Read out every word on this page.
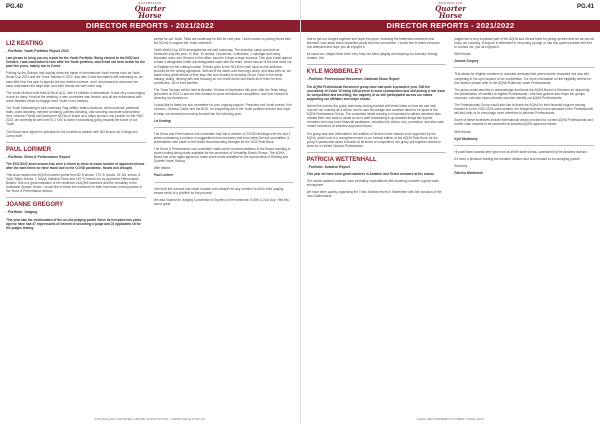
PG.40
AUSTRALIAN
Quarter Horse
DIRECTOR REPORTS - 2021/2022
LIZ KEATING
- Portfolio: Youth Portfolio Report 2022

I am please to bring you my report for the Youth Portfolio. Being elected to the BOD last October, I was nominated to look after the Youth portfolio, which had not been active for the past few years, mainly due to Covid.

Picking up the Division and looking down the barrel of International Youth events such as Youth World Cup 2023 and the Trans Tasman in 2022, also with Covid boundaries still restricting us, we have little time this year to appoint the two events however, and I am pleased to announce we have undertaken the large task, and both events are well under way.

The Youth Division held their AGM at QLD, with 19 children in attendance. It was very encouraging to see so many Youth at the meeting, a new committee was formed, and all are enthusiastic with some fantastic ideas to engage more Youth in our industry.

Our Youth fundraising is well underway. Rug raffles, stallion auctions, silent auctions, yearbook trails, clubs donating, member donating, parents donating, and securing corporate sponsorship from Johnson Feeds and having the NCHA on board as a major sponsor and partner for the YWC 2023, we currently sit well over $ 17,000 to date in fundraising going towards the future of our Youth.

The Board have agreed in principle for the portfolio to partner with NCHA and run Cutting and Camp draft

PAUL LORIMER
- Portfolio: Show & Performance Report

The 2021/2022 show season has seen a return to close to usual number of approved shows after the hard times we have faced due to the COVID pandemic, floods and drought.

This show season the AQHA recorded points from 82 B shows, 170 'A' shows, 29 'AA' shows, 8 'AAA' Stake Shows, 1 'AAAA' National Show and 143 'X' events run by Approved Performance Bodies. This is a great indication of the resilience of AQHA members and the versatility of the Australian Quarter Horse. I would like to thank the members for their hard work running shows in the Show & Performance section.

JOANNE GREGORY
- Portfolio: Judging

This year saw the continuation of the on-line judging portal. Since its inception two years ago we have had 47 expressions of interest in becoming a judge and 22 applicants sit for the judges testing.

camps for our Youth. Talks are underway for this for next year. I look forward to joining forces with the NCHA to support the Youth members.

Youth World Cup 2023 arrangements are well underway. The selection camp was held at Tamworth July this year. 11 kids, 15 horses, 15 parents, 3 clinicians, 1 manager and many important roles, and Geneva in the office, saw the 5 days a huge success. This year it was agreed to take a designated cutter and designated roper with the team, which saw all of the kids head out to Pagillian for the cutting module. Thanks goes to the NCHA for their input on the selection process for the cutting applicants. With all of the same cold mornings nicely, and talks with us, we made many great efforts of their stay. We look forward to showing off our Youth to the world, making, skiing, herding with and focusing on our Youth future and thank all of them for their contribution. All of their families.

The Trans Tasman will be held at Benalla, Victoria in September this year, with the Team being presented at 2022 in and we look forward to some tremendous competition, and look forward to cheering our Aussies on.

I would like to thank my sub committee for your ongoing support. President and Youth events, Kim Johnson, Geneva Clarke and the BOD, for supporting me in the Youth portfolio director and hope to keep our momentum moving forward into the following year.

Liz Keating

The Show and Performance sub committee has had a number of ZOOM Meetings over the last 2 years considering a number of suggestions from members and from within the sub-committee. A presentation was made to the Board recommending changes for the 2022 Rule Book.

The Show & Performance sub-committee made some recommendations to the Board resulting in some funding being made available for the promotion of Versatility Ranch Shows. The AQHA Board has once again agreed to make some funds available for the sponsorship of Reining and Quarter Horse Racing.

With thanks

Paul Lorimer

I feel that the concept has made it easier and cheaper for any member to sit for their judging exams which is a positive for the process.

We also hosted the Judging Convention in Sydney on the weekend of 20th & 21st July. I felt this was a great

AUSTRALIAN QUARTER HORSE ASSOCIATION • WWW.AQHA.COM.AU
PG.41
AUSTRALIAN
Quarter Horse
DIRECTOR REPORTS - 2021/2022

time to get our Judges together and hope everyone, including the interested members who attended, took away some important points from the convention. I would like to thank everyone who attended and hope you all enjoyed it.

As usual our Judges have been very busy out there judging and keeping our industry moving forward. Our

KYLE MOBBERLEY
- Portfolio: Professional Horsemen, National Show Report

The AQHA Professional Horsemen group have had quite a proactive year. Still the uncertainty of Covid 19 being still present in most communities and still posing a real issue for competition and travelling, the majority of us still participated across our states supporting our affiliates and major shows.

Behind the scenes the group was busy moving forward with fresh ideas on how we can help improve our industry as a whole, and to also encourage and continue talent to be apart of the AQHA Professional Group. The committee whilst working on incentives to attract members also created their own tools to assist so as to start fundraising to go towards things like injured members who may need financial assistance, education (ie clinics, etc), promotion, and also cash reward incentives at selected approved shows.

The group was also influential in the addition of Novice horse classes to be approved by the AQHA, which now is a recognised event in our newest edition of the AQHA Rule Book. As the group is passionate about inclusion at all levels of competition, the group put together criteria to allow for a Limited Division Professional.

PATRICIA WETTENHALL
- Portfolio: Amateur Report

This year we have seen great numbers in Amateur and Select numbers at the shows.

The novice amateur classes have incredibly expectations with amazing numbers a great class atmosphere.

We have been quietly organising the Trans Tasman event in September with the inclusion of the New Caledonians.

judges are a very important part of the AQHA and I thank them for giving up their time so we can all enjoy our showing. If anyone is interested in becoming a judge or has any queries please feel free to contact me, you all enjoyed it.

With thanks

Joanne Gregory

This allows for eligible members to compete amongst their peers and be rewarded, but also still competing in the open aspect of the competition. For more information on the eligibility criteria for this division please refer to the AQHA Rulebook under Professionals.

The group would also like to acknowledge and thank the AQHA Board of Directors for approving the presentation of rosettes to eligible Professionals - that kind gesture also helps the groups exposure, and also helps promote and also identify our AQHA Professionals.

The Professionals Group would also like to thank the AQHA for their financial support moving forward in to the 2022-2023 show season, the budget that they have allocated to the Professionals will also help us to encourage more members to become Professionals.

Some of these incentives include international clinics provided for current AQHA Professionals and further cash rewards to be presented at selected AQHA approved shows.

With thanks

Kyle Mobberley

Hi point team awards were given out at all the state shows, sponsored by the Amateur division.

It's been a pleasure leading the Amateur division and look forward to encouraging growth.

Sincerely

Patricia Wettenhall

AQHA SEPTEMBER/OCTOBER ISSUE 2022
